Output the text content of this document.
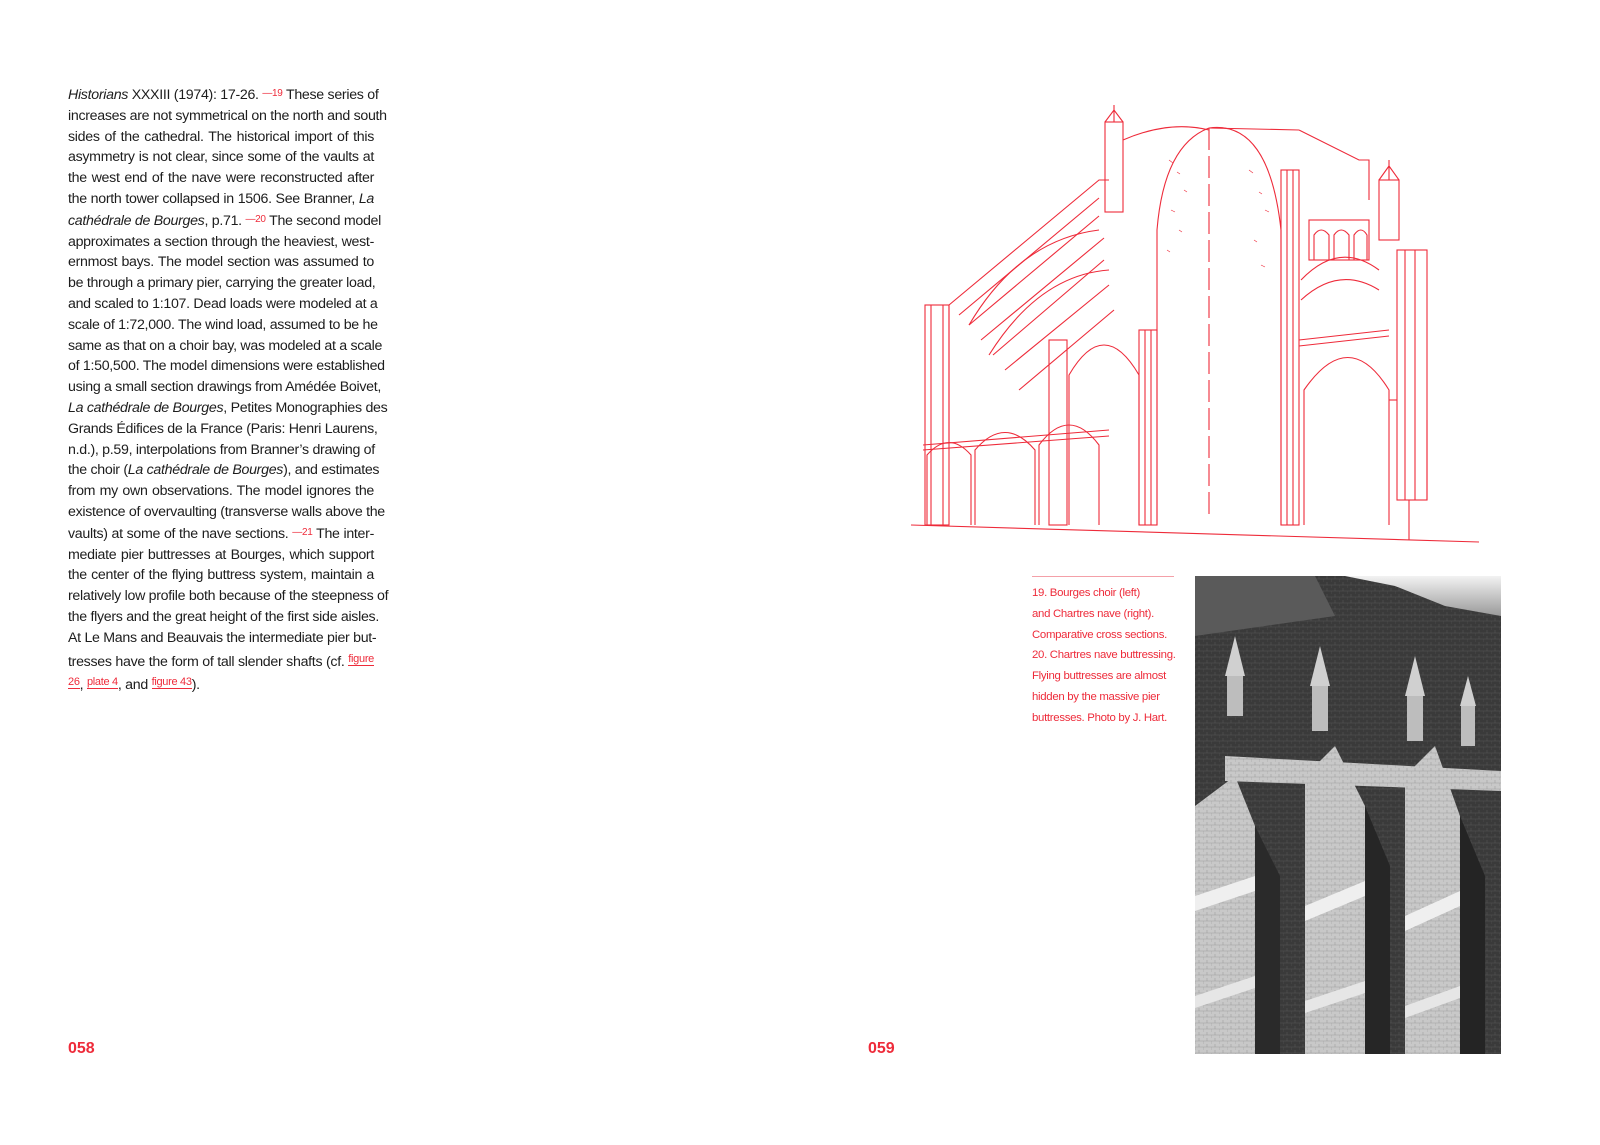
Historians XXXIII (1974): 17-26. $^{—19}$ These series of
increases are not symmetrical on the north and south
sides of the cathedral. The historical import of this
asymmetry is not clear, since some of the vaults at
the west end of the nave were reconstructed after
the north tower collapsed in 1506. See Branner, La
cathédrale de Bourges, p.71. $^{—20}$ The second model
approximates a section through the heaviest, west-
ernmost bays. The model section was assumed to
be through a primary pier, carrying the greater load,
and scaled to 1:107. Dead loads were modeled at a
scale of 1:72,000. The wind load, assumed to be he
same as that on a choir bay, was modeled at a scale
of 1:50,500. The model dimensions were established
using a small section drawings from Amédée Boivet,
La cathédrale de Bourges, Petites Monographies des
Grands Édifices de la France (Paris: Henri Laurens,
n.d.), p.59, interpolations from Branner’s drawing of
the choir (La cathédrale de Bourges), and estimates
from my own observations. The model ignores the
existence of overvaulting (transverse walls above the
vaults) at some of the nave sections. $^{—21}$ The inter-
mediate pier buttresses at Bourges, which support
the center of the flying buttress system, maintain a
relatively low profile both because of the steepness of
the flyers and the great height of the first side aisles.
At Le Mans and Beauvais the intermediate pier but-
tresses have the form of tall slender shafts (cf. $^{figure}$
$^{26}$, $^{plate 4}$, and $^{figure 43}$).
058
19. Bourges choir (left)
and Chartres nave (right).
Comparative cross sections.
20. Chartres nave buttressing.
Flying buttresses are almost
hidden by the massive pier
buttresses. Photo by J. Hart.
059
